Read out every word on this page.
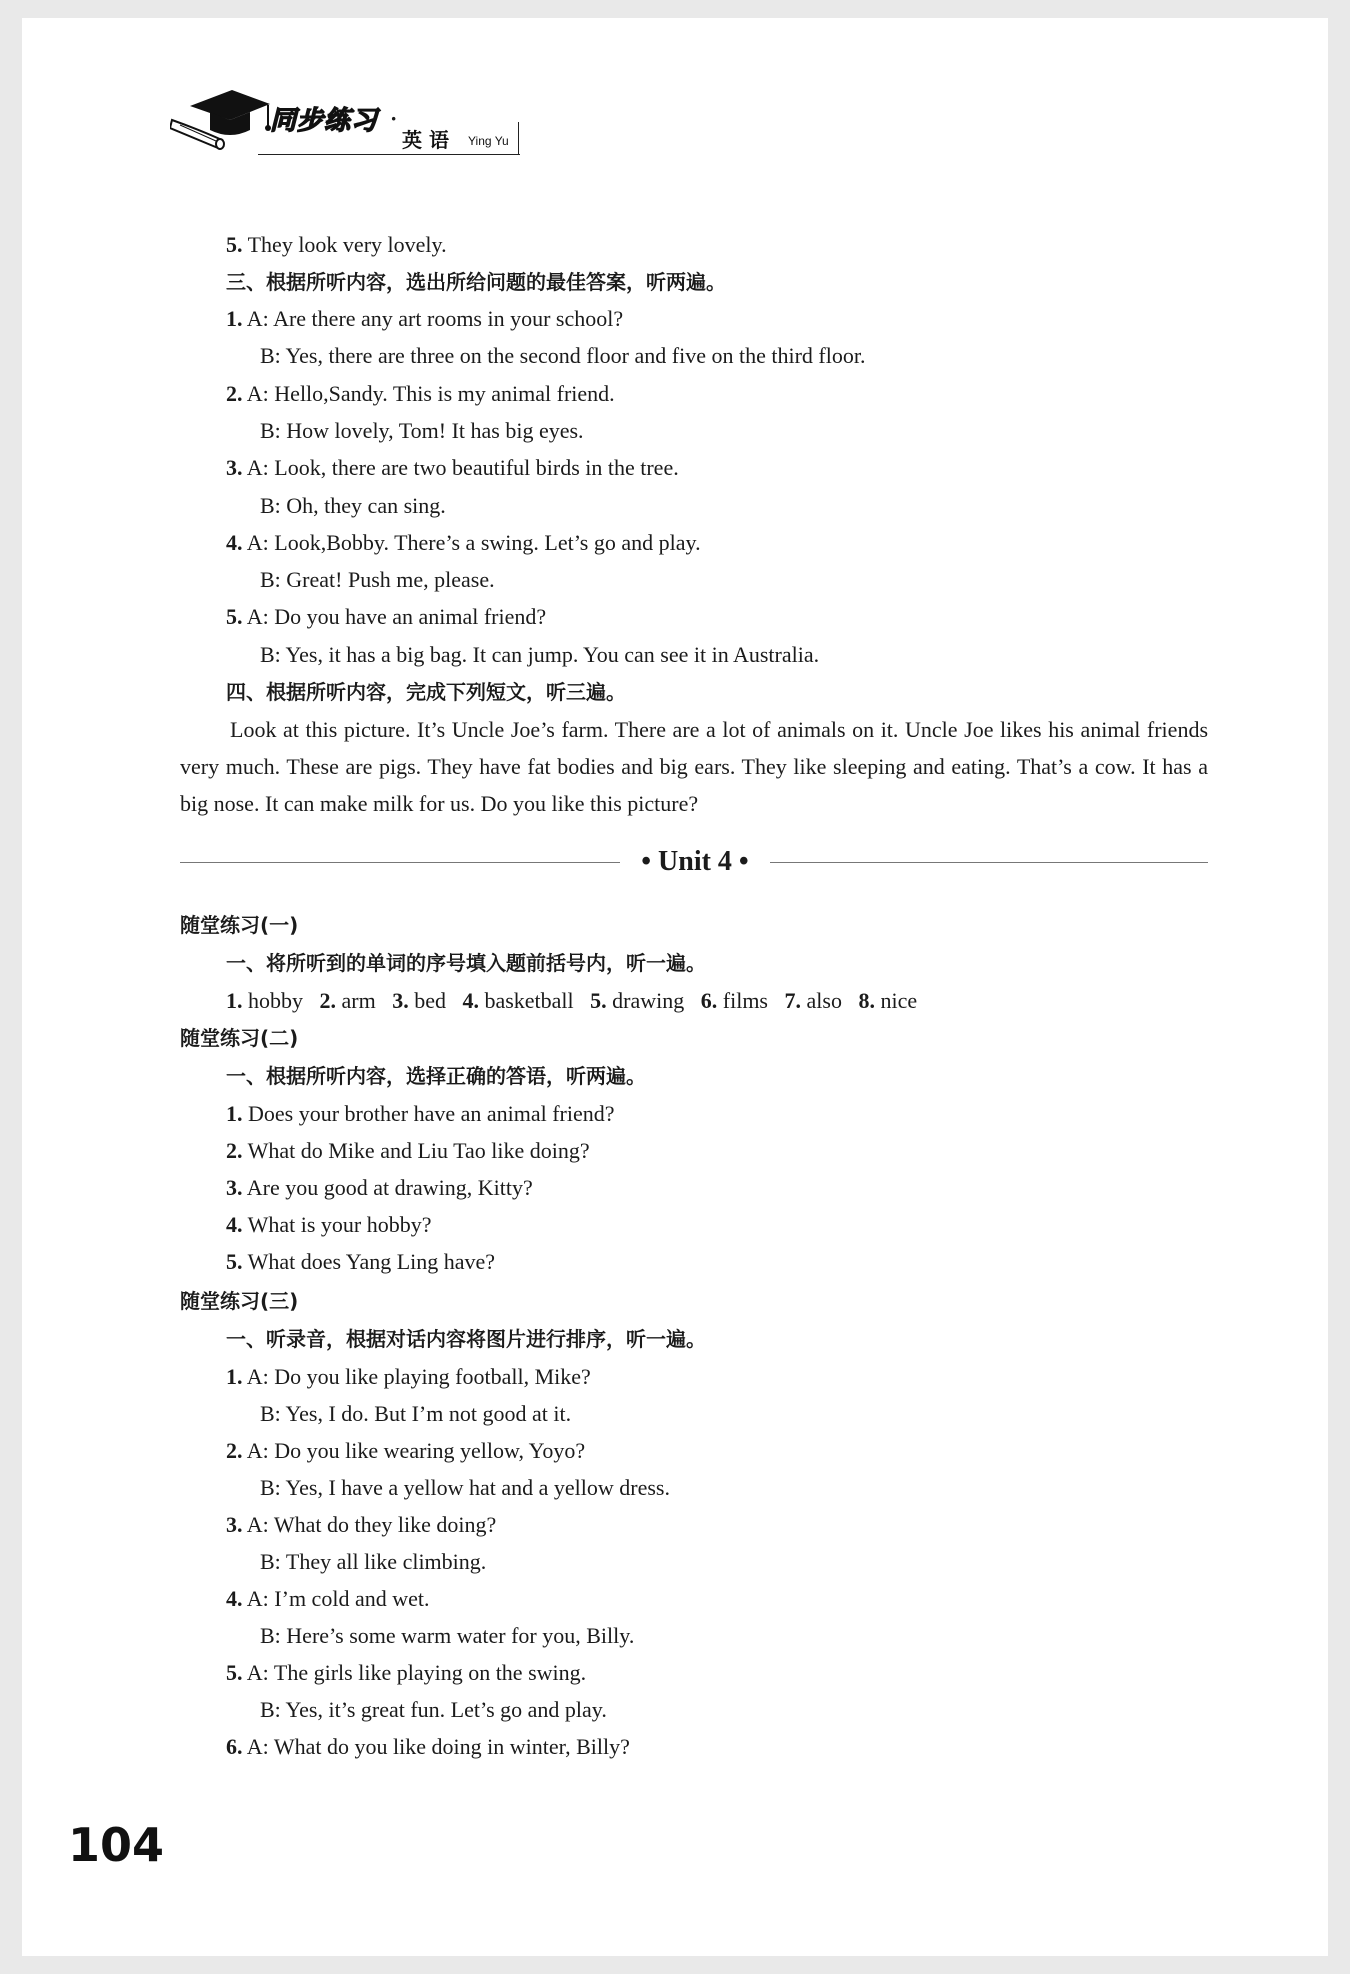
同步练习 ·
英 语 Ying Yu
5. They look very lovely.
三、根据所听内容，选出所给问题的最佳答案，听两遍。
1. A: Are there any art rooms in your school?
B: Yes, there are three on the second floor and five on the third floor.
2. A: Hello,Sandy. This is my animal friend.
B: How lovely, Tom! It has big eyes.
3. A: Look, there are two beautiful birds in the tree.
B: Oh, they can sing.
4. A: Look,Bobby. There’s a swing. Let’s go and play.
B: Great! Push me, please.
5. A: Do you have an animal friend?
B: Yes, it has a big bag. It can jump. You can see it in Australia.
四、根据所听内容，完成下列短文，听三遍。
Look at this picture. It’s Uncle Joe’s farm. There are a lot of animals on it. Uncle Joe likes his animal friends very much. These are pigs. They have fat bodies and big ears. They like sleeping and eating. That’s a cow. It has a big nose. It can make milk for us. Do you like this picture?
• Unit 4 •
随堂练习(一)
一、将所听到的单词的序号填入题前括号内，听一遍。
1. hobby 2. arm 3. bed 4. basketball 5. drawing 6. films 7. also 8. nice
随堂练习(二)
一、根据所听内容，选择正确的答语，听两遍。
1. Does your brother have an animal friend?
2. What do Mike and Liu Tao like doing?
3. Are you good at drawing, Kitty?
4. What is your hobby?
5. What does Yang Ling have?
随堂练习(三)
一、听录音，根据对话内容将图片进行排序，听一遍。
1. A: Do you like playing football, Mike?
B: Yes, I do. But I’m not good at it.
2. A: Do you like wearing yellow, Yoyo?
B: Yes, I have a yellow hat and a yellow dress.
3. A: What do they like doing?
B: They all like climbing.
4. A: I’m cold and wet.
B: Here’s some warm water for you, Billy.
5. A: The girls like playing on the swing.
B: Yes, it’s great fun. Let’s go and play.
6. A: What do you like doing in winter, Billy?
104
